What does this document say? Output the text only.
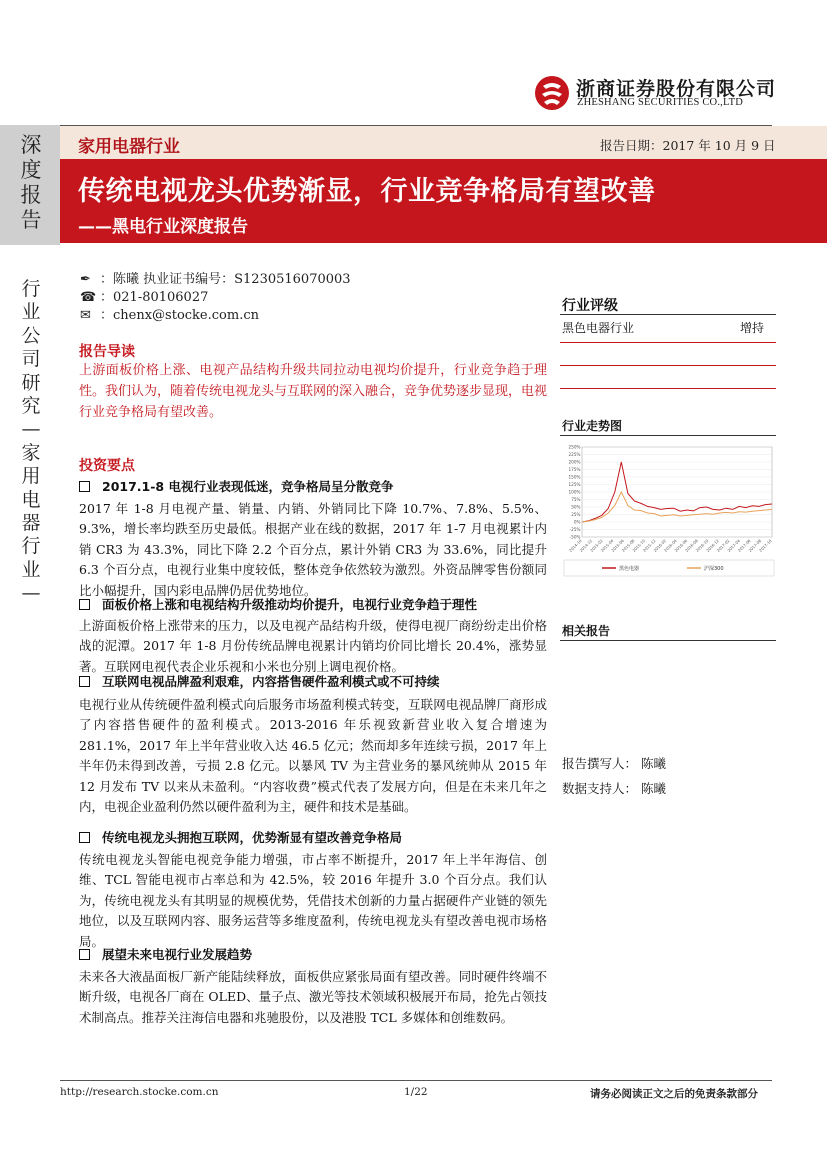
浙商证券股份有限公司
ZHESHANG SECURITIES CO.,LTD
深度报告
家用电器行业	报告日期：2017 年 10 月 9 日
传统电视龙头优势渐显，行业竞争格局有望改善
——黑电行业深度报告
行业公司研究—家用电器行业—
✒ ：陈曦 执业证书编号：S1230516070003
☎ ：021-80106027
✉ ：chenx@stocke.com.cn
报告导读
上游面板价格上涨、电视产品结构升级共同拉动电视均价提升，行业竞争趋于理性。我们认为，随着传统电视龙头与互联网的深入融合，竞争优势逐步显现，电视行业竞争格局有望改善。
投资要点
2017.1-8 电视行业表现低迷，竞争格局呈分散竞争
2017 年 1-8 月电视产量、销量、内销、外销同比下降 10.7%、7.8%、5.5%、9.3%，增长率均跌至历史最低。根据产业在线的数据，2017 年 1-7 月电视累计内销 CR3 为 43.3%，同比下降 2.2 个百分点，累计外销 CR3 为 33.6%，同比提升 6.3 个百分点，电视行业集中度较低，整体竞争依然较为激烈。外资品牌零售份额同比小幅提升，国内彩电品牌仍居优势地位。
面板价格上涨和电视结构升级推动均价提升，电视行业竞争趋于理性
上游面板价格上涨带来的压力，以及电视产品结构升级，使得电视厂商纷纷走出价格战的泥潭。2017 年 1-8 月份传统品牌电视累计内销均价同比增长 20.4%，涨势显著。互联网电视代表企业乐视和小米也分别上调电视价格。
互联网电视品牌盈利艰难，内容搭售硬件盈利模式或不可持续
电视行业从传统硬件盈利模式向后服务市场盈利模式转变，互联网电视品牌厂商形成了内容搭售硬件的盈利模式。2013-2016 年乐视致新营业收入复合增速为 281.1%，2017 年上半年营业收入达 46.5 亿元；然而却多年连续亏损，2017 年上半年仍未得到改善，亏损 2.8 亿元。以暴风 TV 为主营业务的暴风统帅从 2015 年 12 月发布 TV 以来从未盈利。“内容收费”模式代表了发展方向，但是在未来几年之内，电视企业盈利仍然以硬件盈利为主，硬件和技术是基础。
传统电视龙头拥抱互联网，优势渐显有望改善竞争格局
传统电视龙头智能电视竞争能力增强，市占率不断提升，2017 年上半年海信、创维、TCL 智能电视市占率总和为 42.5%，较 2016 年提升 3.0 个百分点。我们认为，传统电视龙头有其明显的规模优势，凭借技术创新的力量占据硬件产业链的领先地位，以及互联网内容、服务运营等多维度盈利，传统电视龙头有望改善电视市场格局。
展望未来电视行业发展趋势
未来各大液晶面板厂新产能陆续释放，面板供应紧张局面有望改善。同时硬件终端不断升级，电视各厂商在 OLED、量子点、激光等技术领域积极展开布局，抢先占领技术制高点。推荐关注海信电器和兆驰股份，以及港股 TCL 多媒体和创维数码。
行业评级
黑色电器行业	增持
行业走势图
250%
225%
200%
175%
150%
125%
100%
75%
50%
25%
0%
-25%
-50%
2014-10
2014-12
2015-02
2015-04
2015-06
2015-08
2015-10
2015-12
2016-02
2016-04
2016-06
2016-08
2016-10
2016-12
2017-02
2017-04
2017-06
2017-08
2017-10
黑色电器	沪深300
相关报告
报告撰写人： 陈曦
数据支持人： 陈曦
http://research.stocke.com.cn	1/22	请务必阅读正文之后的免责条款部分
